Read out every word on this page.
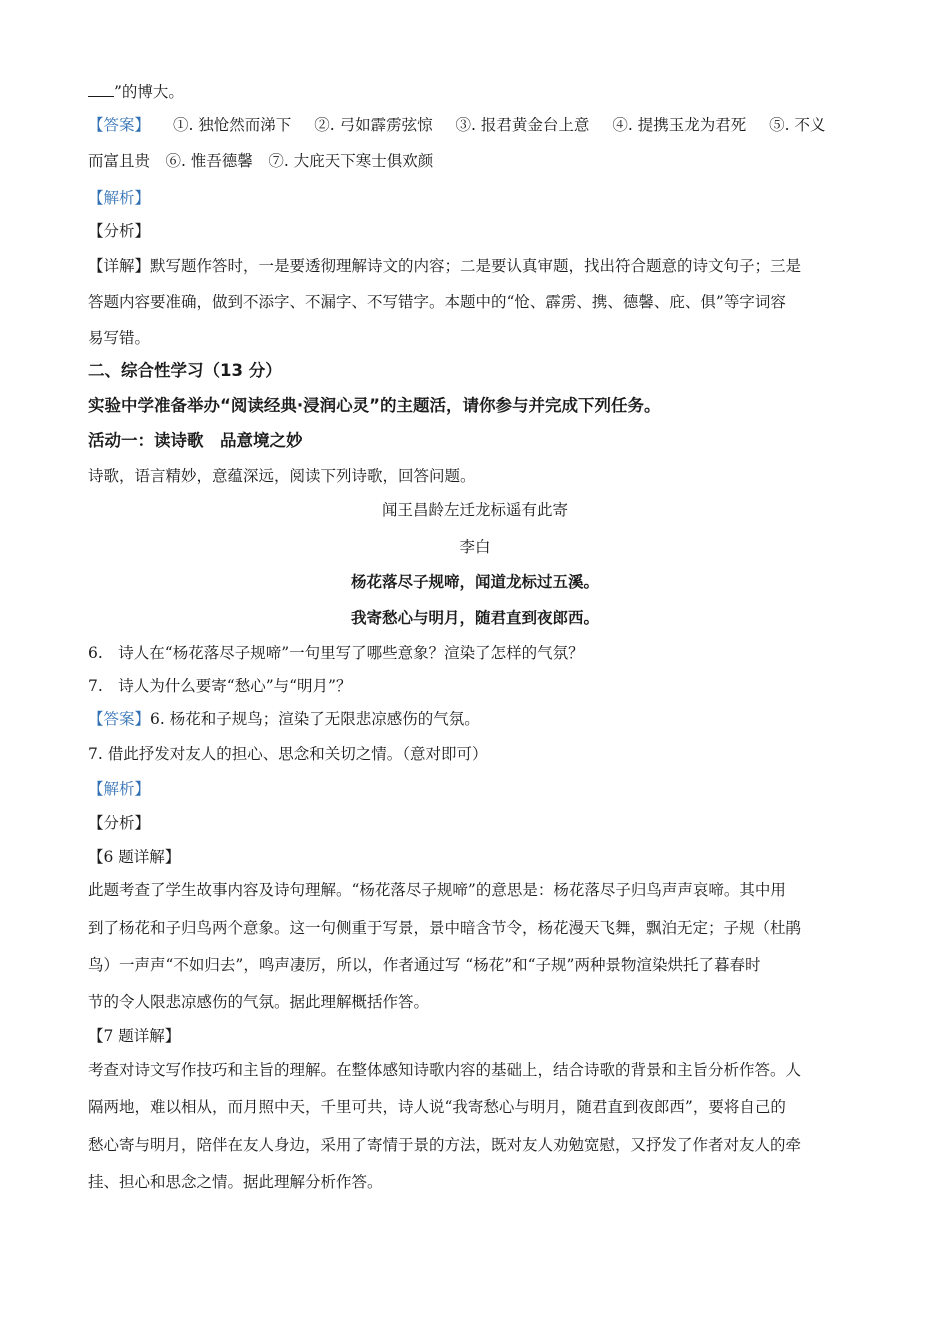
”的博大。
【答案】 ①. 独怆然而涕下 ②. 弓如霹雳弦惊 ③. 报君黄金台上意 ④. 提携玉龙为君死 ⑤. 不义
而富且贵　⑥. 惟吾德馨　⑦. 大庇天下寒士俱欢颜
【解析】
【分析】
【详解】默写题作答时，一是要透彻理解诗文的内容；二是要认真审题，找出符合题意的诗文句子；三是
答题内容要准确，做到不添字、不漏字、不写错字。本题中的“怆、霹雳、携、德馨、庇、俱”等字词容
易写错。
二、综合性学习（13 分）
实验中学准备举办“阅读经典·浸润心灵”的主题活，请你参与并完成下列任务。
活动一：读诗歌　品意境之妙
诗歌，语言精妙，意蕴深远，阅读下列诗歌，回答问题。
闻王昌龄左迁龙标遥有此寄
李白
杨花落尽子规啼，闻道龙标过五溪。
我寄愁心与明月，随君直到夜郎西。
6.　诗人在“杨花落尽子规啼”一句里写了哪些意象？渲染了怎样的气氛？
7.　诗人为什么要寄“愁心”与“明月”？
【答案】6. 杨花和子规鸟；渲染了无限悲凉感伤的气氛。
7. 借此抒发对友人的担心、思念和关切之情。（意对即可）
【解析】
【分析】
【6 题详解】
此题考查了学生故事内容及诗句理解。“杨花落尽子规啼”的意思是：杨花落尽子归鸟声声哀啼。其中用
到了杨花和子归鸟两个意象。这一句侧重于写景，景中暗含节令，杨花漫天飞舞，飘泊无定；子规（杜鹃
鸟）一声声“不如归去”，鸣声凄厉，所以，作者通过写 “杨花”和“子规”两种景物渲染烘托了暮春时
节的令人限悲凉感伤的气氛。据此理解概括作答。
【7 题详解】
考查对诗文写作技巧和主旨的理解。在整体感知诗歌内容的基础上，结合诗歌的背景和主旨分析作答。人
隔两地，难以相从，而月照中天，千里可共，诗人说“我寄愁心与明月，随君直到夜郎西”，要将自己的
愁心寄与明月，陪伴在友人身边，采用了寄情于景的方法，既对友人劝勉宽慰，又抒发了作者对友人的牵
挂、担心和思念之情。据此理解分析作答。
